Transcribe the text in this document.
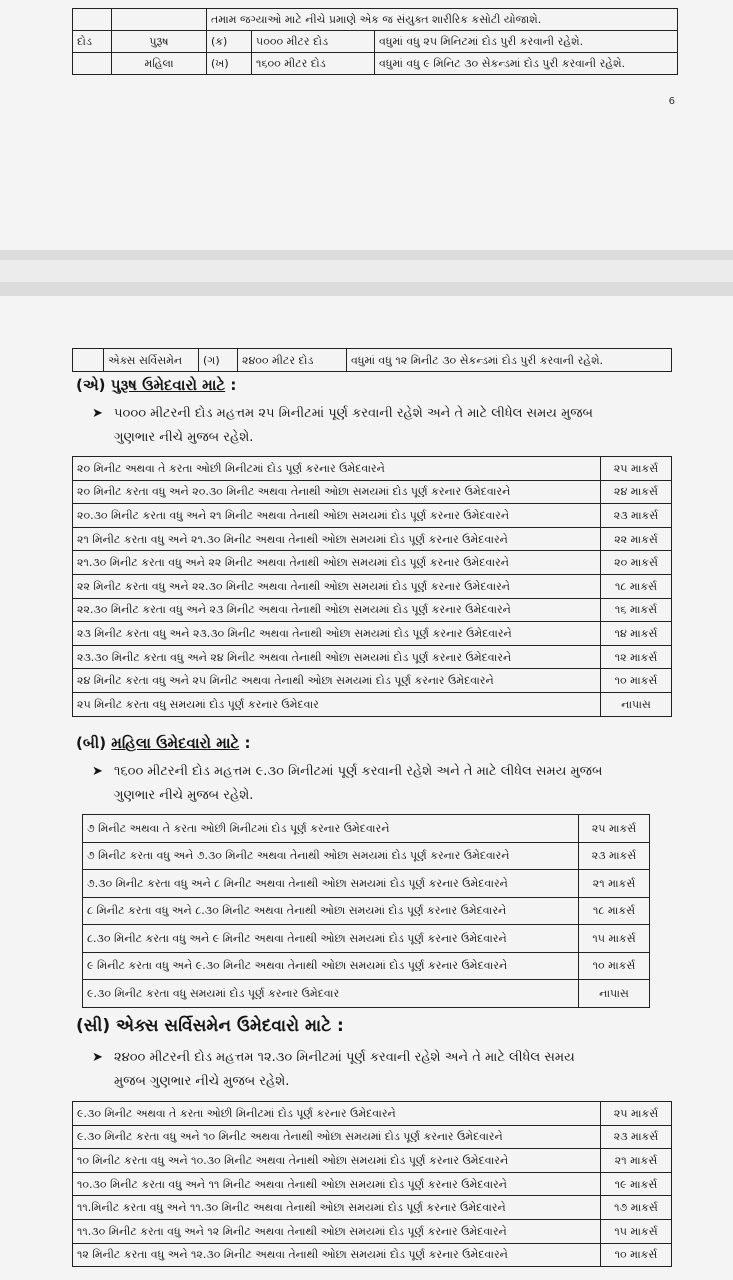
		તમામ જગ્યાઓ માટે નીચે પ્રમાણે એક જ સંયુક્ત શારીરિક કસોટી યોજાશે.		
દોડ	પુરૂષ	(ક)	૫૦૦૦ મીટર દોડ	વધુમાં વધુ ૨૫ મિનિટમાં દોડ પુરી કરવાની રહેશે.
	મહિલા	(ખ)	૧૬૦૦ મીટર દોડ	વધુમાં વધુ ૯ મિનિટ ૩૦ સેકન્ડમાં દોડ પુરી કરવાની રહેશે.
6
	એક્સ સર્વિસમેન	(ગ)	૨૪૦૦ મીટર દોડ	વધુમાં વધુ ૧૨ મિનીટ ૩૦ સેકન્ડમાં દોડ પુરી કરવાની રહેશે.
(એ) પુરૂષ ઉમેદવારો માટે :
➤ ૫૦૦૦ મીટરની દોડ મહત્તમ ૨૫ મિનીટમાં પૂર્ણ કરવાની રહેશે અને તે માટે લીધેલ સમય મુજબ
ગુણભાર નીચે મુજબ રહેશે.
૨૦ મિનીટ અથવા તે કરતા ઓછી મિનીટમાં દોડ પૂર્ણ કરનાર ઉમેદવારને	૨૫ માકર્સ
૨૦ મિનીટ કરતા વધુ અને ૨૦.૩૦ મિનીટ અથવા તેનાથી ઓછા સમયમાં દોડ પૂર્ણ કરનાર ઉમેદવારને	૨૪ માકર્સ
૨૦.૩૦ મિનીટ કરતા વધુ અને ૨૧ મિનીટ અથવા તેનાથી ઓછા સમયમાં દોડ પૂર્ણ કરનાર ઉમેદવારને	૨૩ માકર્સ
૨૧ મિનીટ કરતા વધુ અને ૨૧.૩૦ મિનીટ અથવા તેનાથી ઓછા સમયમાં દોડ પૂર્ણ કરનાર ઉમેદવારને	૨૨ માકર્સ
૨૧.૩૦ મિનીટ કરતા વધુ અને ૨૨ મિનીટ અથવા તેનાથી ઓછા સમયમાં દોડ પૂર્ણ કરનાર ઉમેદવારને	૨૦ માકર્સ
૨૨ મિનીટ કરતા વધુ અને ૨૨.૩૦ મિનીટ અથવા તેનાથી ઓછા સમયમાં દોડ પૂર્ણ કરનાર ઉમેદવારને	૧૮ માકર્સ
૨૨.૩૦ મિનીટ કરતા વધુ અને ૨૩ મિનીટ અથવા તેનાથી ઓછા સમયમાં દોડ પૂર્ણ કરનાર ઉમેદવારને	૧૬ માકર્સ
૨૩ મિનીટ કરતા વધુ અને ૨૩.૩૦ મિનીટ અથવા તેનાથી ઓછા સમયમાં દોડ પૂર્ણ કરનાર ઉમેદવારને	૧૪ માકર્સ
૨૩.૩૦ મિનીટ કરતા વધુ અને ૨૪ મિનીટ અથવા તેનાથી ઓછા સમયમાં દોડ પૂર્ણ કરનાર ઉમેદવારને	૧૨ માકર્સ
૨૪ મિનીટ કરતા વધુ અને ૨૫ મિનીટ અથવા તેનાથી ઓછા સમયમાં દોડ પૂર્ણ કરનાર ઉમેદવારને	૧૦ માકર્સ
૨૫ મિનીટ કરતા વધુ સમયમાં દોડ પૂર્ણ કરનાર ઉમેદવાર	નાપાસ
(બી) મહિલા ઉમેદવારો માટે :
➤ ૧૬૦૦ મીટરની દોડ મહત્તમ ૯.૩૦ મિનીટમાં પૂર્ણ કરવાની રહેશે અને તે માટે લીધેલ સમય મુજબ
ગુણભાર નીચે મુજબ રહેશે.
૭ મિનીટ અથવા તે કરતા ઓછી મિનીટમાં દોડ પૂર્ણ કરનાર ઉમેદવારને	૨૫ માકર્સ
૭ મિનીટ કરતા વધુ અને ૭.૩૦ મિનીટ અથવા તેનાથી ઓછા સમયમાં દોડ પૂર્ણ કરનાર ઉમેદવારને	૨૩ માકર્સ
૭.૩૦ મિનીટ કરતા વધુ અને ૮ મિનીટ અથવા તેનાથી ઓછા સમયમાં દોડ પૂર્ણ કરનાર ઉમેદવારને	૨૧ માકર્સ
૮ મિનીટ કરતા વધુ અને ૮.૩૦ મિનીટ અથવા તેનાથી ઓછા સમયમાં દોડ પૂર્ણ કરનાર ઉમેદવારને	૧૮ માકર્સ
૮.૩૦ મિનીટ કરતા વધુ અને ૯ મિનીટ અથવા તેનાથી ઓછા સમયમાં દોડ પૂર્ણ કરનાર ઉમેદવારને	૧૫ માકર્સ
૯ મિનીટ કરતા વધુ અને ૯.૩૦ મિનીટ અથવા તેનાથી ઓછા સમયમાં દોડ પૂર્ણ કરનાર ઉમેદવારને	૧૦ માકર્સ
૯.૩૦ મિનીટ કરતા વધુ સમયમાં દોડ પૂર્ણ કરનાર ઉમેદવાર	નાપાસ
(સી) એક્સ સર્વિસમેન ઉમેદવારો માટે :
➤ ૨૪૦૦ મીટરની દોડ મહત્તમ ૧૨.૩૦ મિનીટમાં પૂર્ણ કરવાની રહેશે અને તે માટે લીધેલ સમય
મુજબ ગુણભાર નીચે મુજબ રહેશે.
૯.૩૦ મિનીટ અથવા તે કરતા ઓછી મિનીટમાં દોડ પૂર્ણ કરનાર ઉમેદવારને	૨૫ માકર્સ
૯.૩૦ મિનીટ કરતા વધુ અને ૧૦ મિનીટ અથવા તેનાથી ઓછા સમયમાં દોડ પૂર્ણ કરનાર ઉમેદવારને	૨૩ માકર્સ
૧૦ મિનીટ કરતા વધુ અને ૧૦.૩૦ મિનીટ અથવા તેનાથી ઓછા સમયમાં દોડ પૂર્ણ કરનાર ઉમેદવારને	૨૧ માકર્સ
૧૦.૩૦ મિનીટ કરતા વધુ અને ૧૧ મિનીટ અથવા તેનાથી ઓછા સમયમાં દોડ પૂર્ણ કરનાર ઉમેદવારને	૧૯ માકર્સ
૧૧.મિનીટ કરતા વધુ અને ૧૧.૩૦ મિનીટ અથવા તેનાથી ઓછા સમયમાં દોડ પૂર્ણ કરનાર ઉમેદવારને	૧૭ માકર્સ
૧૧.૩૦ મિનીટ કરતા વધુ અને ૧૨ મિનીટ અથવા તેનાથી ઓછા સમયમાં દોડ પૂર્ણ કરનાર ઉમેદવારને	૧૫ માકર્સ
૧૨ મિનીટ કરતા વધુ અને ૧૨.૩૦ મિનીટ અથવા તેનાથી ઓછા સમયમાં દોડ પૂર્ણ કરનાર ઉમેદવારને	૧૦ માકર્સ
